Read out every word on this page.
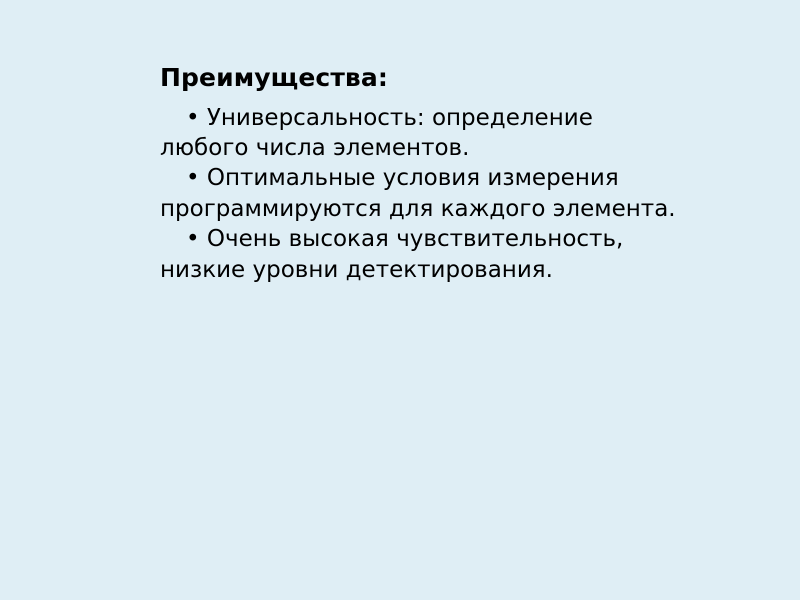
Преимущества:
• Универсальность: определение любого числа элементов.
• Оптимальные условия измерения программируются для каждого элемента.
• Очень высокая чувствительность, низкие уровни детектирования.
